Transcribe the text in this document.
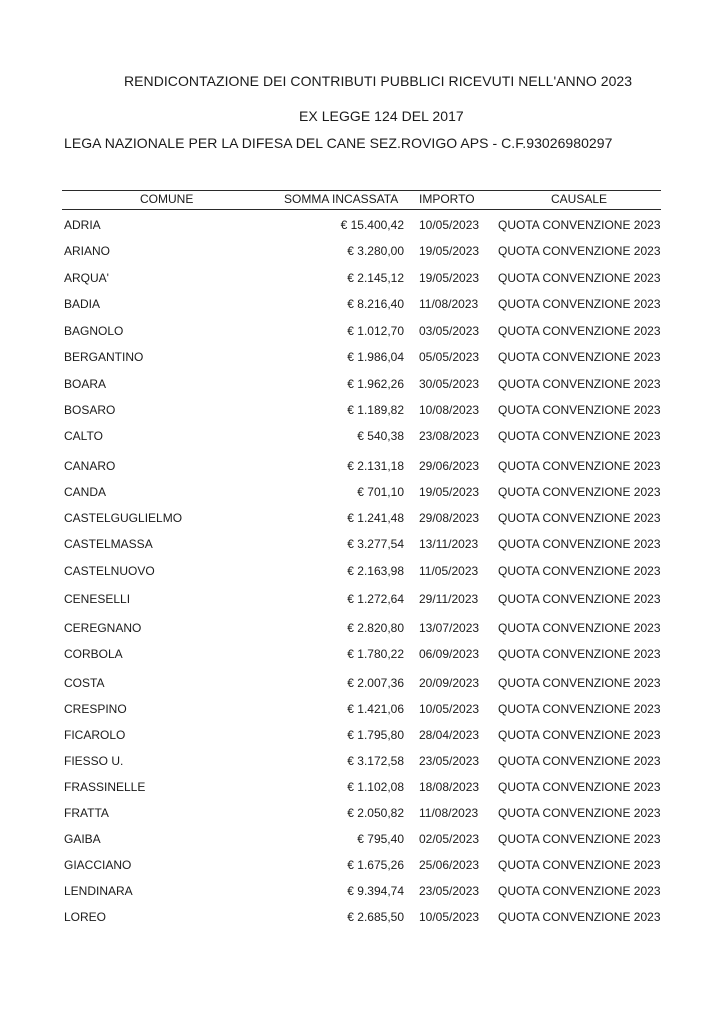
RENDICONTAZIONE DEI CONTRIBUTI PUBBLICI RICEVUTI NELL'ANNO 2023
EX LEGGE 124 DEL 2017
LEGA NAZIONALE PER LA DIFESA DEL CANE SEZ.ROVIGO APS - C.F.93026980297
COMUNE	SOMMA INCASSATA IMPORTO	CAUSALE
ADRIA	€ 15.400,42 10/05/2023 QUOTA CONVENZIONE 2023
ARIANO	€ 3.280,00 19/05/2023 QUOTA CONVENZIONE 2023
ARQUA'	€ 2.145,12 19/05/2023 QUOTA CONVENZIONE 2023
BADIA	€ 8.216,40 11/08/2023 QUOTA CONVENZIONE 2023
BAGNOLO	€ 1.012,70 03/05/2023 QUOTA CONVENZIONE 2023
BERGANTINO	€ 1.986,04 05/05/2023 QUOTA CONVENZIONE 2023
BOARA	€ 1.962,26 30/05/2023 QUOTA CONVENZIONE 2023
BOSARO	€ 1.189,82 10/08/2023 QUOTA CONVENZIONE 2023
CALTO	€ 540,38 23/08/2023 QUOTA CONVENZIONE 2023
CANARO	€ 2.131,18 29/06/2023 QUOTA CONVENZIONE 2023
CANDA	€ 701,10 19/05/2023 QUOTA CONVENZIONE 2023
CASTELGUGLIELMO	€ 1.241,48 29/08/2023 QUOTA CONVENZIONE 2023
CASTELMASSA	€ 3.277,54 13/11/2023 QUOTA CONVENZIONE 2023
CASTELNUOVO	€ 2.163,98 11/05/2023 QUOTA CONVENZIONE 2023
CENESELLI	€ 1.272,64 29/11/2023 QUOTA CONVENZIONE 2023
CEREGNANO	€ 2.820,80 13/07/2023 QUOTA CONVENZIONE 2023
CORBOLA	€ 1.780,22 06/09/2023 QUOTA CONVENZIONE 2023
COSTA	€ 2.007,36 20/09/2023 QUOTA CONVENZIONE 2023
CRESPINO	€ 1.421,06 10/05/2023 QUOTA CONVENZIONE 2023
FICAROLO	€ 1.795,80 28/04/2023 QUOTA CONVENZIONE 2023
FIESSO U.	€ 3.172,58 23/05/2023 QUOTA CONVENZIONE 2023
FRASSINELLE	€ 1.102,08 18/08/2023 QUOTA CONVENZIONE 2023
FRATTA	€ 2.050,82 11/08/2023 QUOTA CONVENZIONE 2023
GAIBA	€ 795,40 02/05/2023 QUOTA CONVENZIONE 2023
GIACCIANO	€ 1.675,26 25/06/2023 QUOTA CONVENZIONE 2023
LENDINARA	€ 9.394,74 23/05/2023 QUOTA CONVENZIONE 2023
LOREO	€ 2.685,50 10/05/2023 QUOTA CONVENZIONE 2023
